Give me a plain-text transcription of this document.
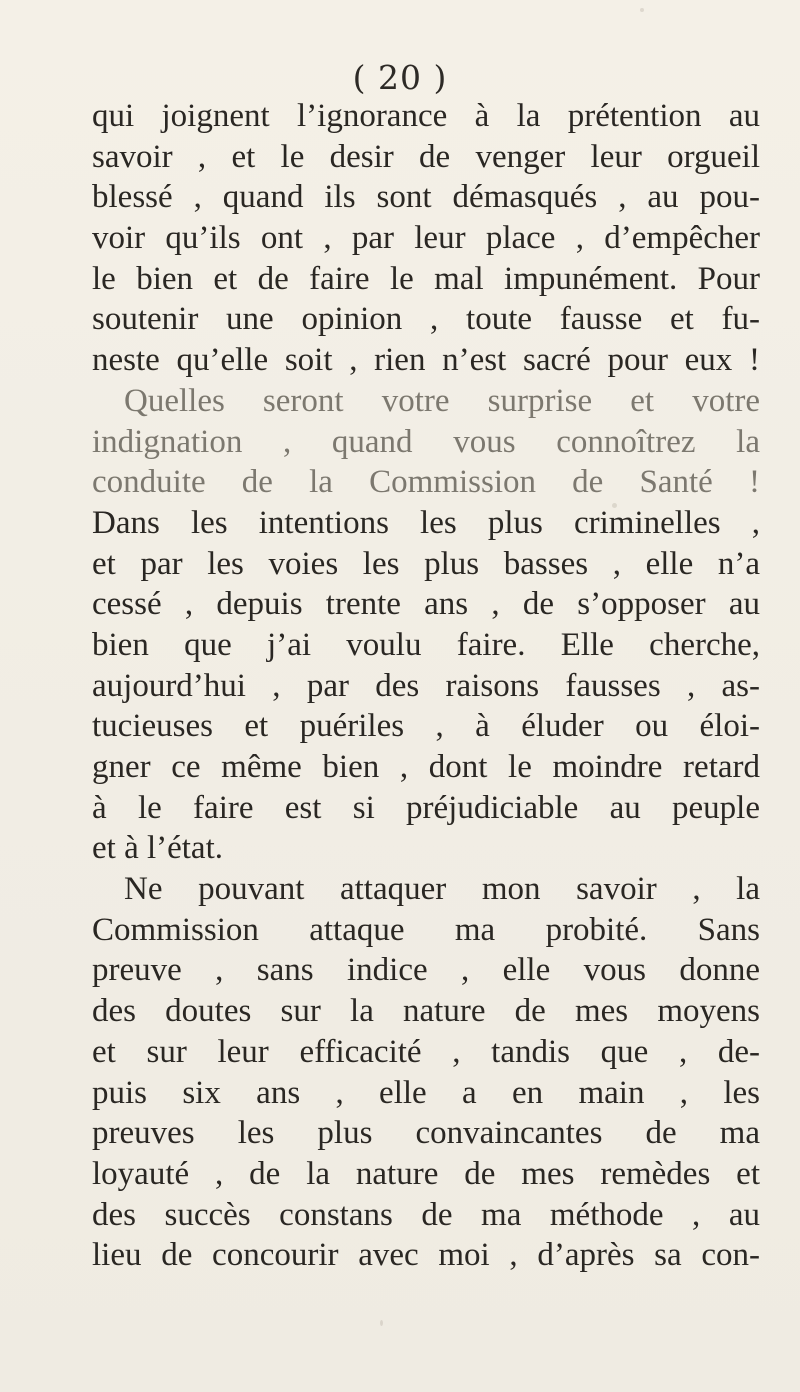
( 20 )
qui joignent l’ignorance à la prétention au
savoir , et le desir de venger leur orgueil
blessé , quand ils sont démasqués , au pou-
voir qu’ils ont , par leur place , d’empêcher
le bien et de faire le mal impunément. Pour
soutenir une opinion , toute fausse et fu-
neste qu’elle soit , rien n’est sacré pour eux !
Quelles seront votre surprise et votre
indignation , quand vous connoîtrez la
conduite de la Commission de Santé !
Dans les intentions les plus criminelles ,
et par les voies les plus basses , elle n’a
cessé , depuis trente ans , de s’opposer au
bien que j’ai voulu faire. Elle cherche,
aujourd’hui , par des raisons fausses , as-
tucieuses et puériles , à éluder ou éloi-
gner ce même bien , dont le moindre retard
à le faire est si préjudiciable au peuple
et à l’état.
Ne pouvant attaquer mon savoir , la
Commission attaque ma probité. Sans
preuve , sans indice , elle vous donne
des doutes sur la nature de mes moyens
et sur leur efficacité , tandis que , de-
puis six ans , elle a en main , les
preuves les plus convaincantes de ma
loyauté , de la nature de mes remèdes et
des succès constans de ma méthode , au
lieu de concourir avec moi , d’après sa con-
